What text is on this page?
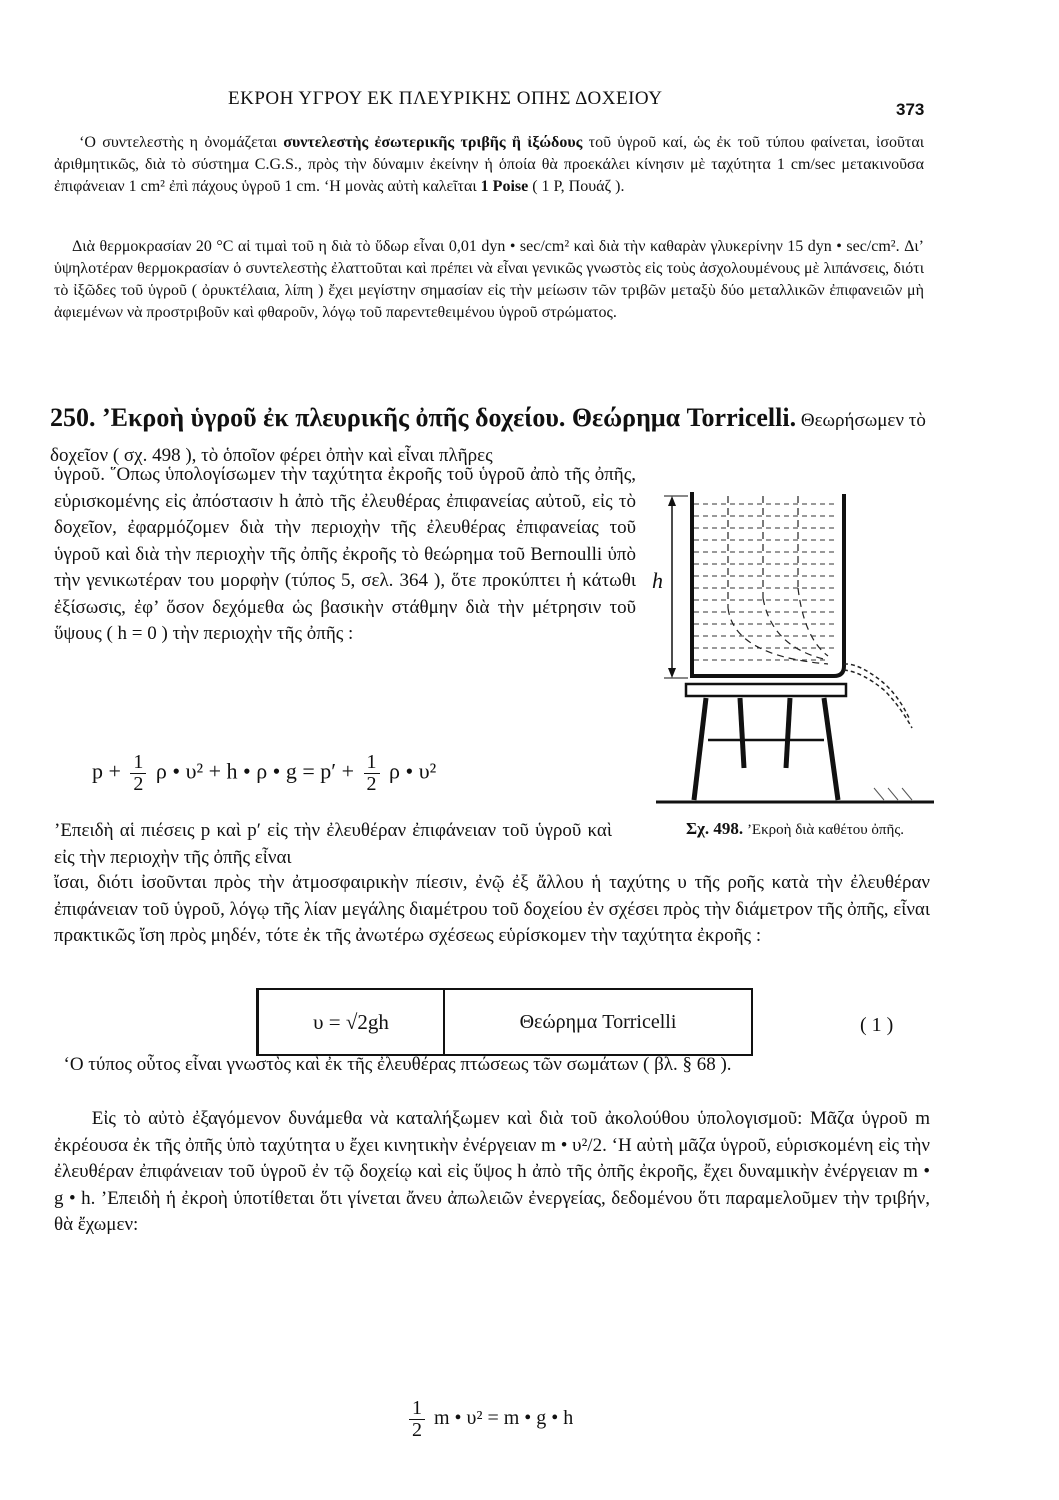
ΕΚΡΟΗ ΥΓΡΟΥ ΕΚ ΠΛΕΥΡΙΚΗΣ ΟΠΗΣ ΔΟΧΕΙΟΥ
373
‘Ο συντελεστὴς η ὀνομάζεται συντελεστὴς ἐσωτερικῆς τριβῆς ἢ ἰξώδους τοῦ ὑγροῦ καί, ὡς ἐκ τοῦ τύπου φαίνεται, ἰσοῦται ἀριθμητικῶς, διὰ τὸ σύστημα C.G.S., πρὸς τὴν δύναμιν ἐκείνην ἡ ὁποία θὰ προεκάλει κίνησιν μὲ ταχύτητα 1 cm/sec μετακινοῦσα ἐπιφάνειαν 1 cm² ἐπὶ πάχους ὑγροῦ 1 cm. ‘Η μονὰς αὐτὴ καλεῖται 1 Poise ( 1 P, Πουάζ ).
Διὰ θερμοκρασίαν 20 °C αἱ τιμαὶ τοῦ η διὰ τὸ ὕδωρ εἶναι 0,01 dyn • sec/cm² καὶ διὰ τὴν καθαρὰν γλυκερίνην 15 dyn • sec/cm². Δι’ ὑψηλοτέραν θερμοκρασίαν ὁ συντελεστὴς ἐλαττοῦται καὶ πρέπει νὰ εἶναι γενικῶς γνωστὸς εἰς τοὺς ἀσχολουμένους μὲ λιπάνσεις, διότι τὸ ἰξῶδες τοῦ ὑγροῦ ( ὀρυκτέλαια, λίπη ) ἔχει μεγίστην σημασίαν εἰς τὴν μείωσιν τῶν τριβῶν μεταξὺ δύο μεταλλικῶν ἐπιφανειῶν μὴ ἀφιεμένων νὰ προστριβοῦν καὶ φθαροῦν, λόγῳ τοῦ παρεντεθειμένου ὑγροῦ στρώματος.
250. ’Εκροὴ ὑγροῦ ἐκ πλευρικῆς ὀπῆς δοχείου. Θεώρημα Torricelli. Θεωρήσωμεν τὸ δοχεῖον ( σχ. 498 ), τὸ ὁποῖον φέρει ὀπὴν καὶ εἶναι πλῆρες
ὑγροῦ. ῞Οπως ὑπολογίσωμεν τὴν ταχύτητα ἐκροῆς τοῦ ὑγροῦ ἀπὸ τῆς ὀπῆς, εὑρισκομένης εἰς ἀπόστασιν h ἀπὸ τῆς ἐλευθέρας ἐπιφανείας αὐτοῦ, εἰς τὸ δοχεῖον, ἐφαρμόζομεν διὰ τὴν περιοχὴν τῆς ἐλευθέρας ἐπιφανείας τοῦ ὑγροῦ καὶ διὰ τὴν περιοχὴν τῆς ὀπῆς ἐκροῆς τὸ θεώρημα τοῦ Bernoulli ὑπὸ τὴν γενικωτέραν του μορφὴν (τύπος 5, σελ. 364 ), ὅτε προκύπτει ἡ κάτωθι ἐξίσωσις, ἐφ’ ὅσον δεχόμεθα ὡς βασικὴν στάθμην διὰ τὴν μέτρησιν τοῦ ὕψους ( h = 0 ) τὴν περιοχὴν τῆς ὀπῆς :
$p + \frac{1}{2}$ ρ • υ² + h • ρ • $g = p' + \frac{1}{2}$ ρ • υ²
’Επειδὴ αἱ πιέσεις p καὶ p′ εἰς τὴν ἐλευθέραν ἐπιφάνειαν τοῦ ὑγροῦ καὶ εἰς τὴν περιοχὴν τῆς ὀπῆς εἶναι
Σχ. 498. ’Εκροὴ διὰ καθέτου ὀπῆς.
ἴσαι, διότι ἰσοῦνται πρὸς τὴν ἀτμοσφαιρικὴν πίεσιν, ἐνῷ ἐξ ἄλλου ἡ ταχύτης υ τῆς ροῆς κατὰ τὴν ἐλευθέραν ἐπιφάνειαν τοῦ ὑγροῦ, λόγῳ τῆς λίαν μεγάλης διαμέτρου τοῦ δοχείου ἐν σχέσει πρὸς τὴν διάμετρον τῆς ὀπῆς, εἶναι πρακτικῶς ἴση πρὸς μηδέν, τότε ἐκ τῆς ἀνωτέρω σχέσεως εὑρίσκομεν τὴν ταχύτητα ἐκροῆς :
υ = √2gh	Θεώρημα Torricelli	( 1 )
‘Ο τύπος οὗτος εἶναι γνωστὸς καὶ ἐκ τῆς ἐλευθέρας πτώσεως τῶν σωμάτων ( βλ. § 68 ).
Εἰς τὸ αὐτὸ ἐξαγόμενον δυνάμεθα νὰ καταλήξωμεν καὶ διὰ τοῦ ἀκολούθου ὑπολογισμοῦ: Μᾶζα ὑγροῦ m ἐκρέουσα ἐκ τῆς ὀπῆς ὑπὸ ταχύτητα υ ἔχει κινητικὴν ἐνέργειαν m • υ²/2. ‘Η αὐτὴ μᾶζα ὑγροῦ, εὑρισκομένη εἰς τὴν ἐλευθέραν ἐπιφάνειαν τοῦ ὑγροῦ ἐν τῷ δοχείῳ καὶ εἰς ὕψος h ἀπὸ τῆς ὀπῆς ἐκροῆς, ἔχει δυναμικὴν ἐνέργειαν m • g • h. ’Επειδὴ ἡ ἐκροὴ ὑποτίθεται ὅτι γίνεται ἄνευ ἀπωλειῶν ἐνεργείας, δεδομένου ὅτι παραμελοῦμεν τὴν τριβήν, θὰ ἔχωμεν:
$\frac{1}{2}$ m • υ² = m • g • h
h
